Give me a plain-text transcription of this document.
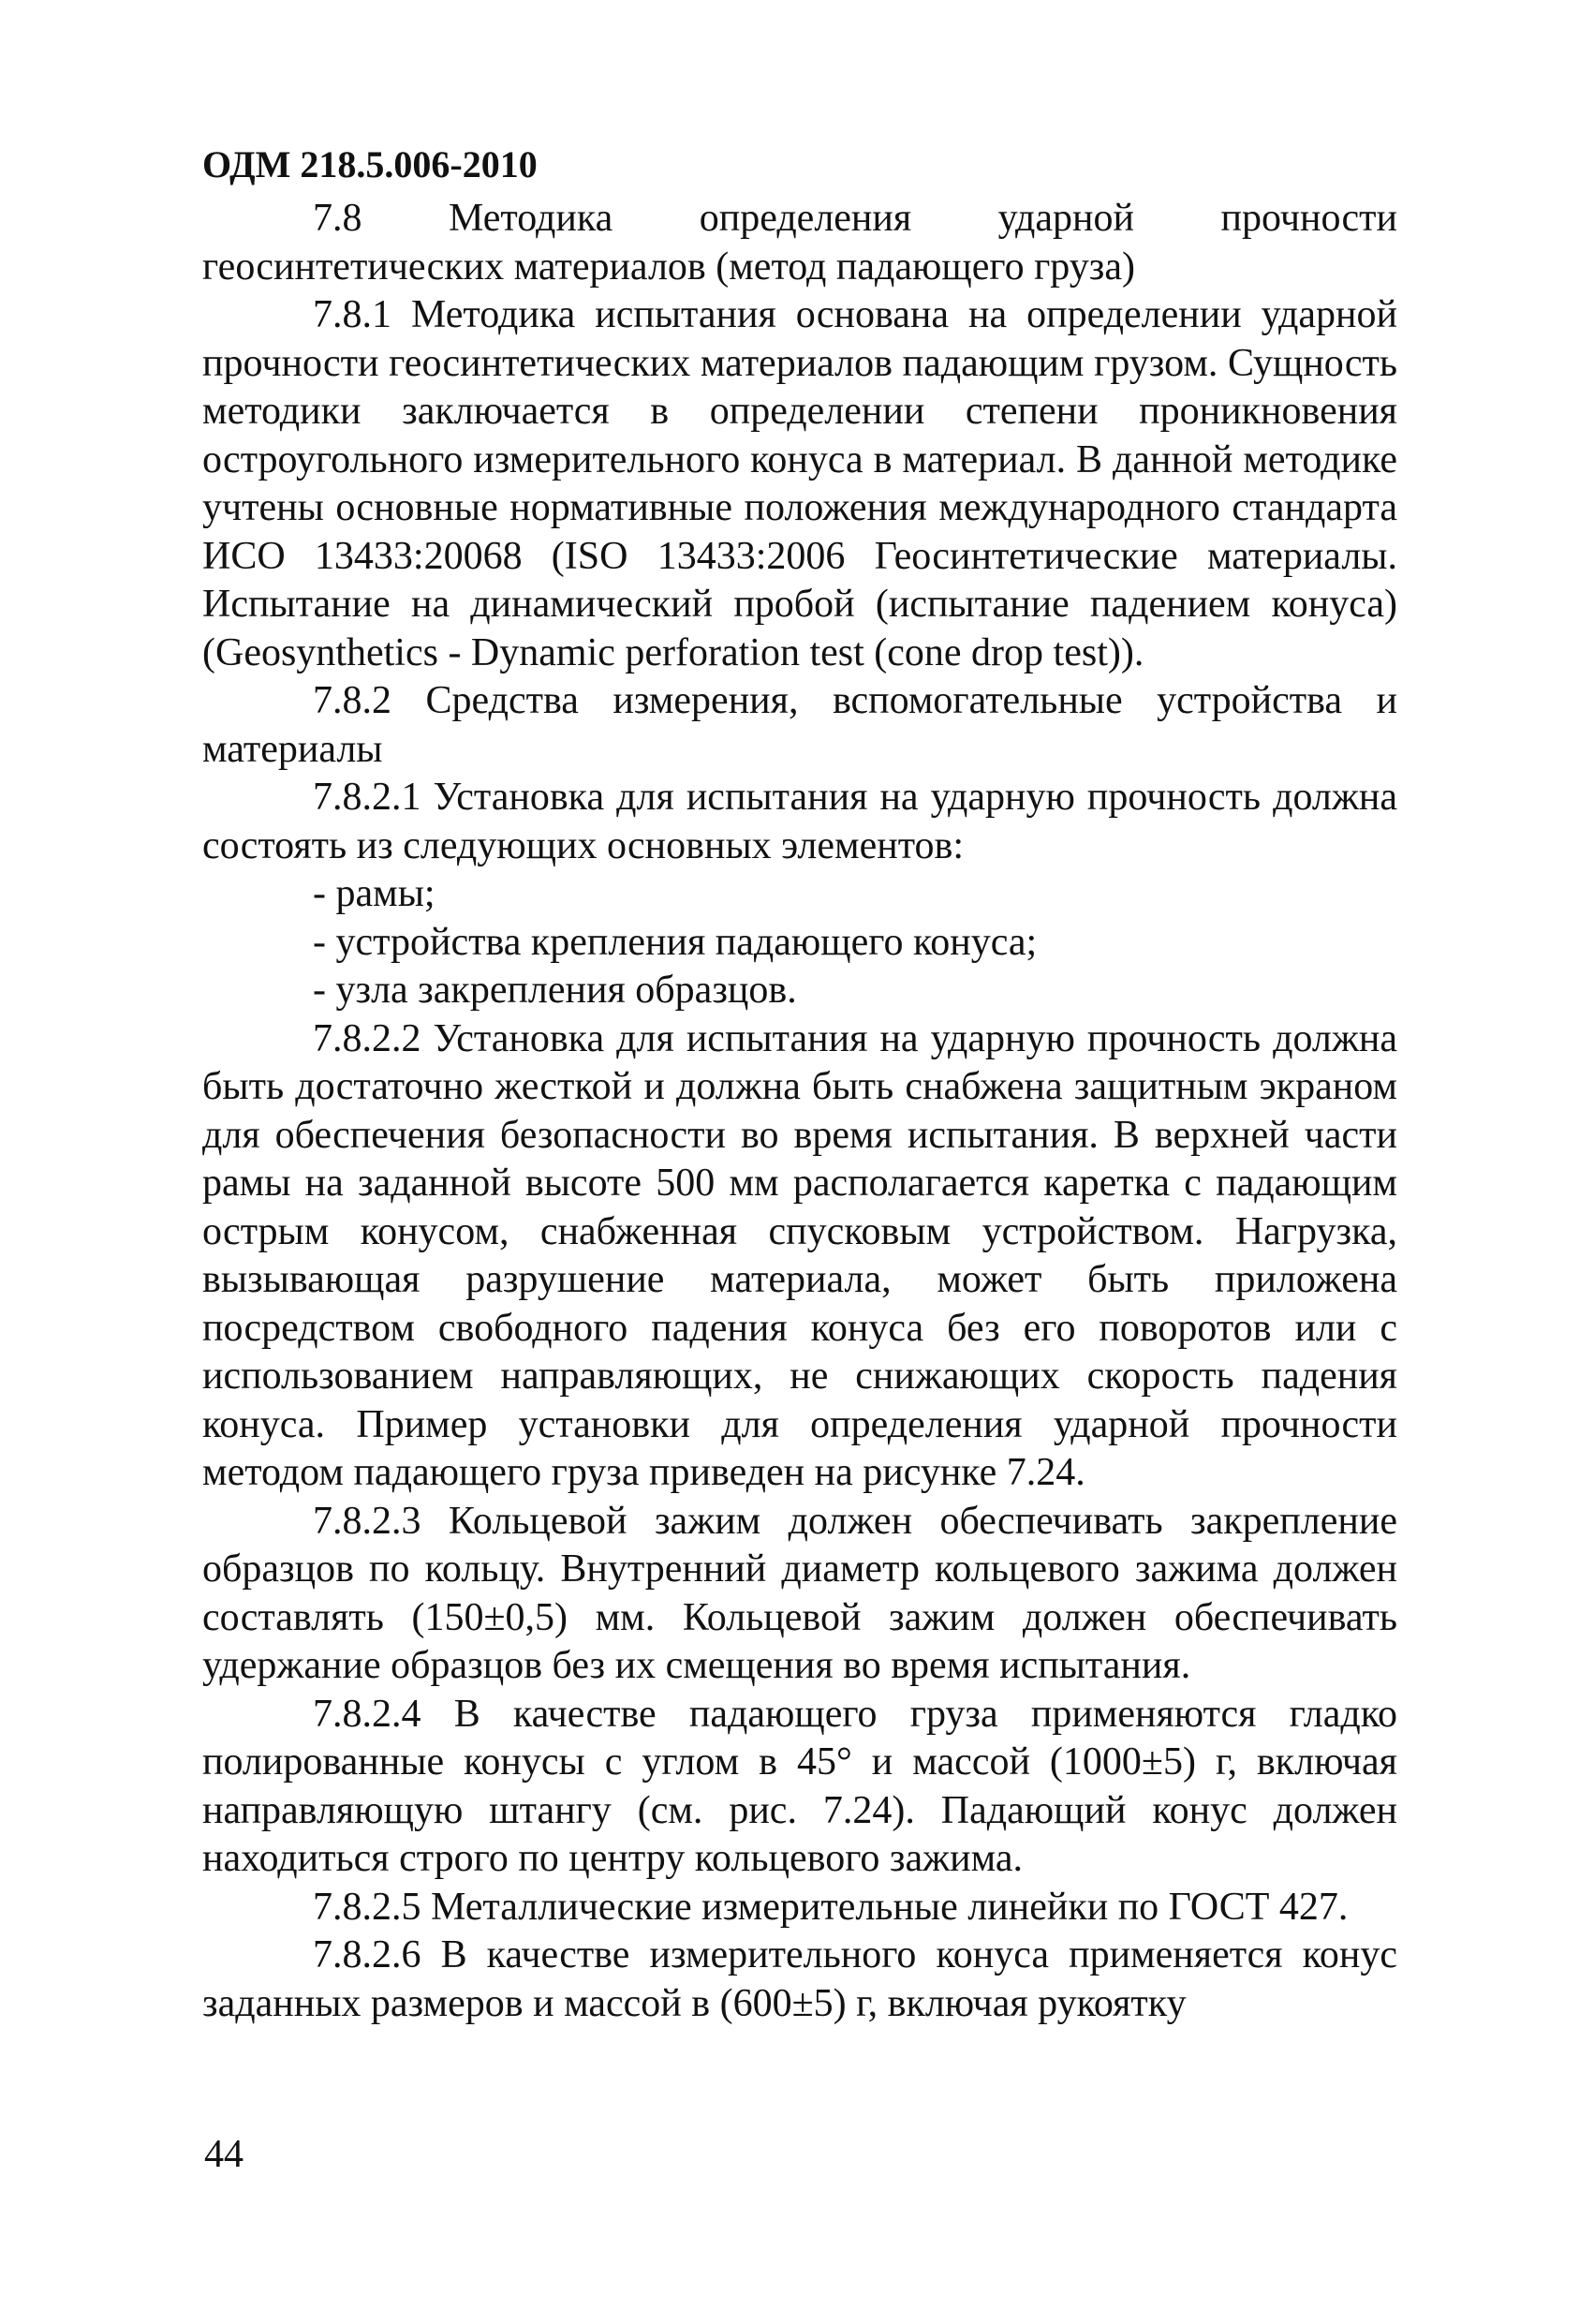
ОДМ 218.5.006-2010

7.8 Методика определения ударной прочности геосинтетических материалов (метод падающего груза)

7.8.1 Методика испытания основана на определении ударной прочности геосинтетических материалов падающим грузом. Сущность методики заключается в определении степени проникновения остроугольного измерительного конуса в материал. В данной методике учтены основные нормативные положения международного стандарта ИСО 13433:20068 (ISO 13433:2006 Геосинтетические материалы. Испытание на динамический пробой (испытание падением конуса) (Geosynthetics - Dynamic perforation test (cone drop test)).

7.8.2 Средства измерения, вспомогательные устройства и материалы

7.8.2.1 Установка для испытания на ударную прочность должна состоять из следующих основных элементов:

- рамы;

- устройства крепления падающего конуса;

- узла закрепления образцов.

7.8.2.2 Установка для испытания на ударную прочность должна быть достаточно жесткой и должна быть снабжена защитным экраном для обеспечения безопасности во время испытания. В верхней части рамы на заданной высоте 500 мм располагается каретка с падающим острым конусом, снабженная спусковым устройством. Нагрузка, вызывающая разрушение материала, может быть приложена посредством свободного падения конуса без его поворотов или с использованием направляющих, не снижающих скорость падения конуса. Пример установки для определения ударной прочности методом падающего груза приведен на рисунке 7.24.

7.8.2.3 Кольцевой зажим должен обеспечивать закрепление образцов по кольцу. Внутренний диаметр кольцевого зажима должен составлять (150±0,5) мм. Кольцевой зажим должен обеспечивать удержание образцов без их смещения во время испытания.

7.8.2.4 В качестве падающего груза применяются гладко полированные конусы с углом в 45° и массой (1000±5) г, включая направляющую штангу (см. рис. 7.24). Падающий конус должен находиться строго по центру кольцевого зажима.

7.8.2.5 Металлические измерительные линейки по ГОСТ 427.

7.8.2.6 В качестве измерительного конуса применяется конус заданных размеров и массой в (600±5) г, включая рукоятку

44
